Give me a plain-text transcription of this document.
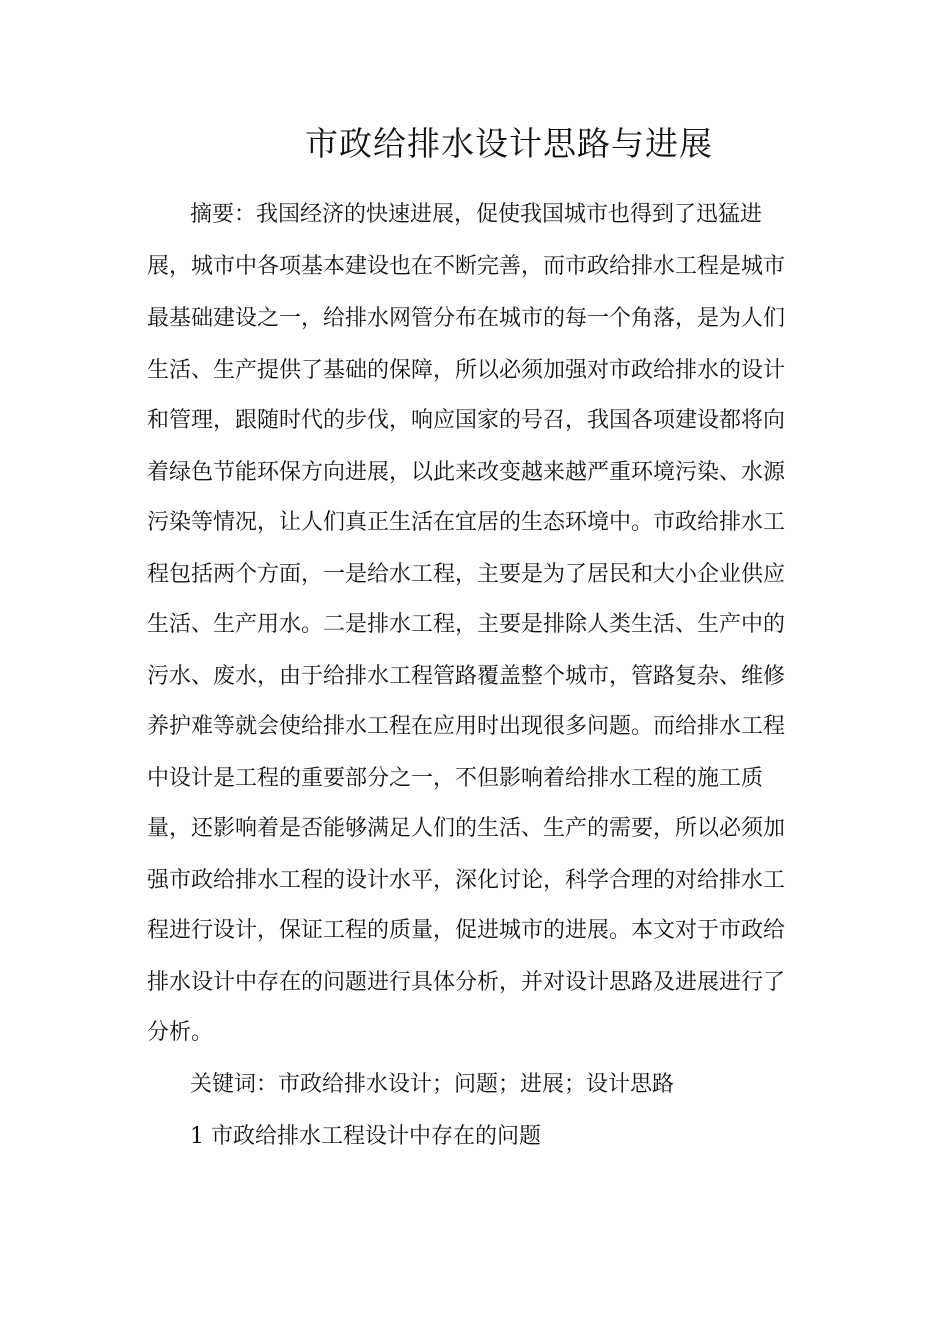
市政给排水设计思路与进展
摘要：我国经济的快速进展，促使我国城市也得到了迅猛进
展，城市中各项基本建设也在不断完善，而市政给排水工程是城市
最基础建设之一，给排水网管分布在城市的每一个角落，是为人们
生活、生产提供了基础的保障，所以必须加强对市政给排水的设计
和管理，跟随时代的步伐，响应国家的号召，我国各项建设都将向
着绿色节能环保方向进展，以此来改变越来越严重环境污染、水源
污染等情况，让人们真正生活在宜居的生态环境中。市政给排水工
程包括两个方面，一是给水工程，主要是为了居民和大小企业供应
生活、生产用水。二是排水工程，主要是排除人类生活、生产中的
污水、废水，由于给排水工程管路覆盖整个城市，管路复杂、维修
养护难等就会使给排水工程在应用时出现很多问题。而给排水工程
中设计是工程的重要部分之一，不但影响着给排水工程的施工质
量，还影响着是否能够满足人们的生活、生产的需要，所以必须加
强市政给排水工程的设计水平，深化讨论，科学合理的对给排水工
程进行设计，保证工程的质量，促进城市的进展。本文对于市政给
排水设计中存在的问题进行具体分析，并对设计思路及进展进行了
分析。
关键词：市政给排水设计；问题；进展；设计思路
1 市政给排水工程设计中存在的问题
